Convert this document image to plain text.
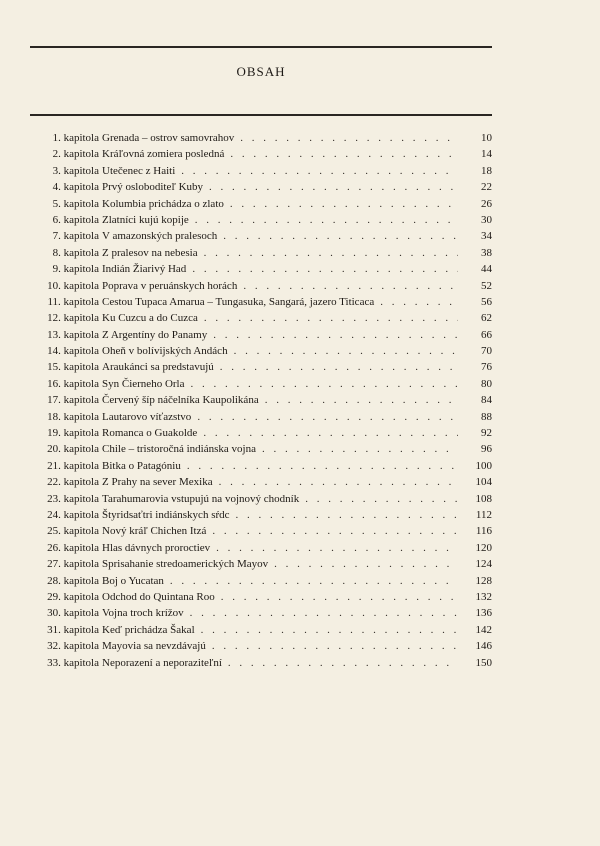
OBSAH
1. kapitola Grenada – ostrov samovrahov . . .	10
2. kapitola Kráľovná zomiera posledná . . .	14
3. kapitola Utečenec z Haiti . . .	18
4. kapitola Prvý osloboditeľ Kuby . . .	22
5. kapitola Kolumbia prichádza o zlato . . .	26
6. kapitola Zlatníci kujú kopije . . .	30
7. kapitola V amazonských pralesoch . . .	34
8. kapitola Z pralesov na nebesia . . .	38
9. kapitola Indián Žiarivý Had . . .	44
10. kapitola Poprava v peruánskych horách . . .	52
11. kapitola Cestou Tupaca Amarua – Tungasuka, Sangará, jazero Titicaca . . .	56
12. kapitola Ku Cuzcu a do Cuzca . . .	62
13. kapitola Z Argentíny do Panamy . . .	66
14. kapitola Oheň v bolívijských Andách . . .	70
15. kapitola Araukánci sa predstavujú . . .	76
16. kapitola Syn Čierneho Orla . . .	80
17. kapitola Červený šíp náčelníka Kaupolikána . . .	84
18. kapitola Lautarovo víťazstvo . . .	88
19. kapitola Romanca o Guakolde . . .	92
20. kapitola Chile – tristoročná indiánska vojna . . .	96
21. kapitola Bitka o Patagóniu . . .	100
22. kapitola Z Prahy na sever Mexika . . .	104
23. kapitola Tarahumarovia vstupujú na vojnový chodník . . .	108
24. kapitola Štyridsaťtri indiánskych sŕdc . . .	112
25. kapitola Nový kráľ Chichen Itzá . . .	116
26. kapitola Hlas dávnych proroctiev . . .	120
27. kapitola Sprisahanie stredoamerických Mayov . . .	124
28. kapitola Boj o Yucatan . . .	128
29. kapitola Odchod do Quintana Roo . . .	132
30. kapitola Vojna troch krížov . . .	136
31. kapitola Keď prichádza Šakal . . .	142
32. kapitola Mayovia sa nevzdávajú . . .	146
33. kapitola Neporazení a neporaziteľní . . .	150
